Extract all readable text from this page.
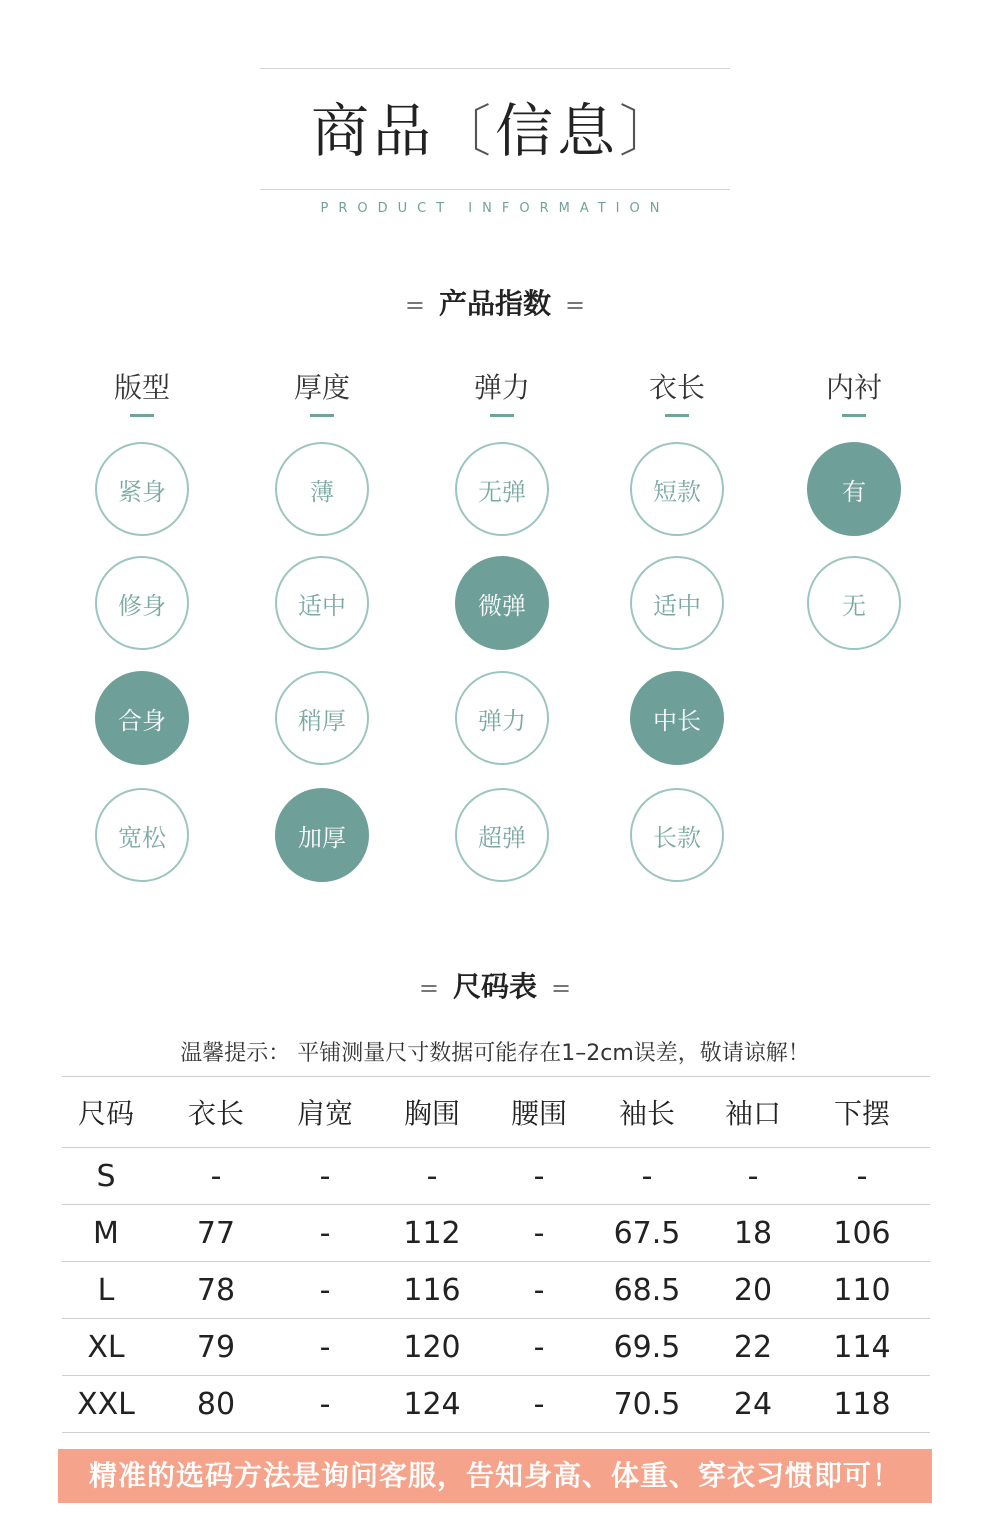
商品〔信息〕
PRODUCT INFORMATION
= 产品指数 =
版型
紧身
修身
合身
宽松
厚度
薄
适中
稍厚
加厚
弹力
无弹
微弹
弹力
超弹
衣长
短款
适中
中长
长款
内衬
有
无
= 尺码表 =
温馨提示： 平铺测量尺寸数据可能存在1–2cm误差，敬请谅解！
尺码	衣长	肩宽	胸围	腰围	袖长	袖口	下摆
S	-	-	-	-	-	-	-
M	77	-	112	-	67.5	18	106
L	78	-	116	-	68.5	20	110
XL	79	-	120	-	69.5	22	114
XXL	80	-	124	-	70.5	24	118
精准的选码方法是询问客服，告知身高、体重、穿衣习惯即可！
